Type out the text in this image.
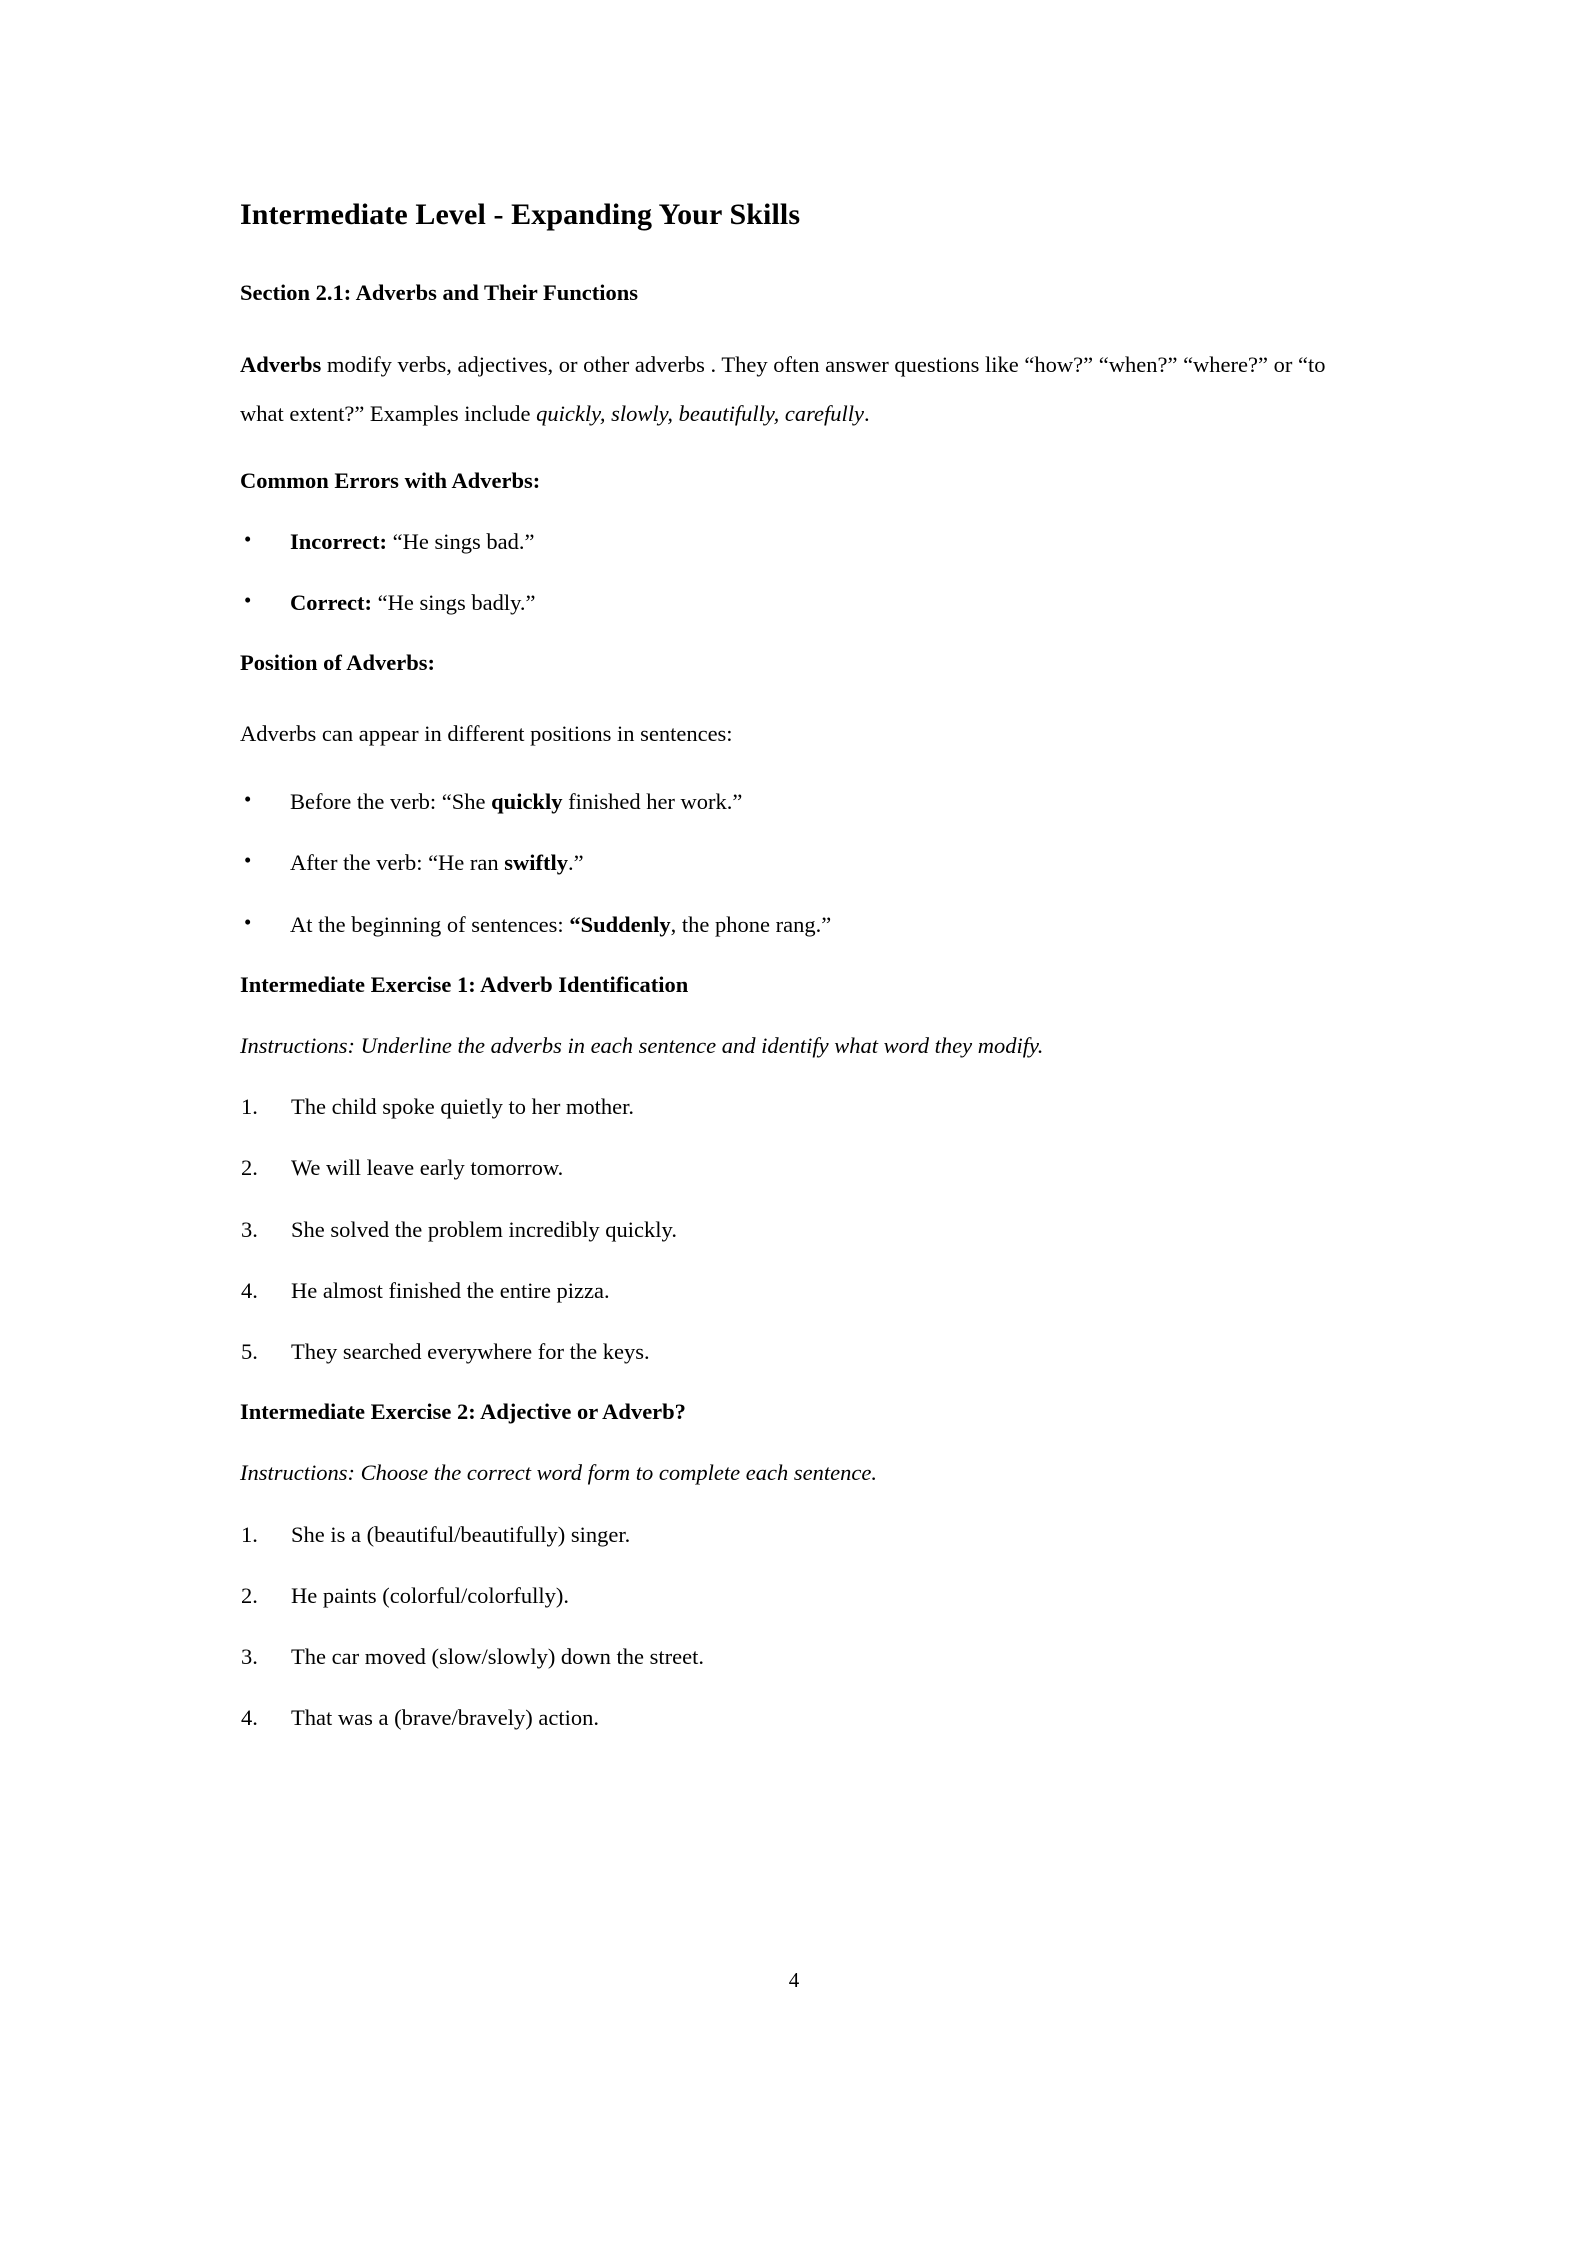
Intermediate Level - Expanding Your Skills
Section 2.1: Adverbs and Their Functions

Adverbs modify verbs, adjectives, or other adverbs . They often answer questions like “how?” “when?” “where?” or “to what extent?” Examples include quickly, slowly, beautifully, carefully.

Common Errors with Adverbs:
• Incorrect: “He sings bad.”
• Correct: “He sings badly.”
Position of Adverbs:

Adverbs can appear in different positions in sentences:

• Before the verb: “She quickly finished her work.”
• After the verb: “He ran swiftly.”
• At the beginning of sentences: “Suddenly, the phone rang.”
Intermediate Exercise 1: Adverb Identification

Instructions: Underline the adverbs in each sentence and identify what word they modify.

The child spoke quietly to her mother.
We will leave early tomorrow.
She solved the problem incredibly quickly.
He almost finished the entire pizza.
They searched everywhere for the keys.
Intermediate Exercise 2: Adjective or Adverb?

Instructions: Choose the correct word form to complete each sentence.

She is a (beautiful/beautifully) singer.
He paints (colorful/colorfully).
The car moved (slow/slowly) down the street.
That was a (brave/bravely) action.
4
